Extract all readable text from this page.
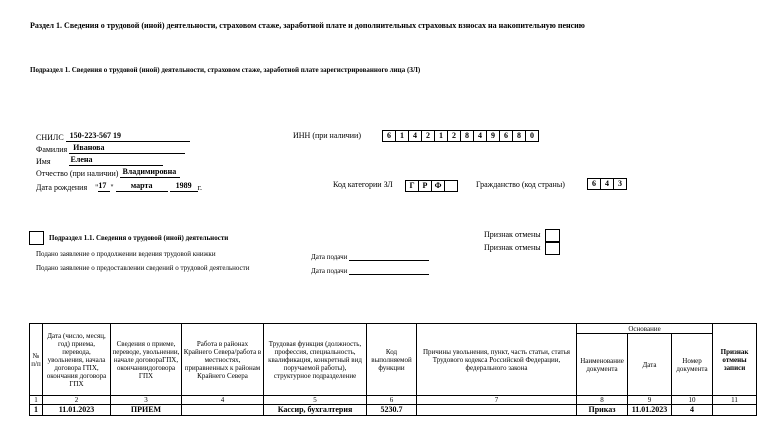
Раздел 1. Сведения о трудовой (иной) деятельности, страховом стаже, заработной плате и дополнительных страховых взносах на накопительную пенсию
Подраздел 1. Сведения о трудовой (иной) деятельности, страховом стаже, заработной плате зарегистрированного лица (ЗЛ)
СНИЛС 150-223-567 19	ИНН (при наличии)	6	1	4	2	1	2	8	4	9	6	8	0
Фамилия Иванова
Имя	Елена
Отчество (при наличии) Владимировна
Дата рождения "17 " марта	1989 г.	Код категории ЗЛ	Г	Р Ф	Гражданство (код страны)	6	4	3
Подраздел 1.1. Сведения о трудовой (иной) деятельности	Признак отмены
Признак отмены
Подано заявление о продолжении ведения трудовой книжки	Дата подачи
Подано заявление о предоставлении сведений о трудовой деятельности	Дата подачи
№ п/п	Дата (число, месяц, год) приема, перевода, увольнения, начала договора ГПХ, окончания договора ГПХ	Сведения о приеме, переводе, увольнении, начале договораГПХ, окончаниидоговора ГПХ	Работа в районах Крайнего Севера/работа в местностях, приравненных к районам Крайнего Севера	Трудовая функция (должность, профессия, специальность, квалификация, конкретный вид поручаемой работы), структурное подразделение	Код выполняемой функции	Причины увольнения, пункт, часть статьи, статья Трудового кодекса Российской Федерации, федерального закона	Основание			Признак отмены записи
							Наименование документа	Дата	Номер документа	
1	2	3	4	5	6	7	8	9	10	11
1	11.01.2023	ПРИЕМ		Кассир, бухгалтерия	5230.7		Приказ	11.01.2023	4	
